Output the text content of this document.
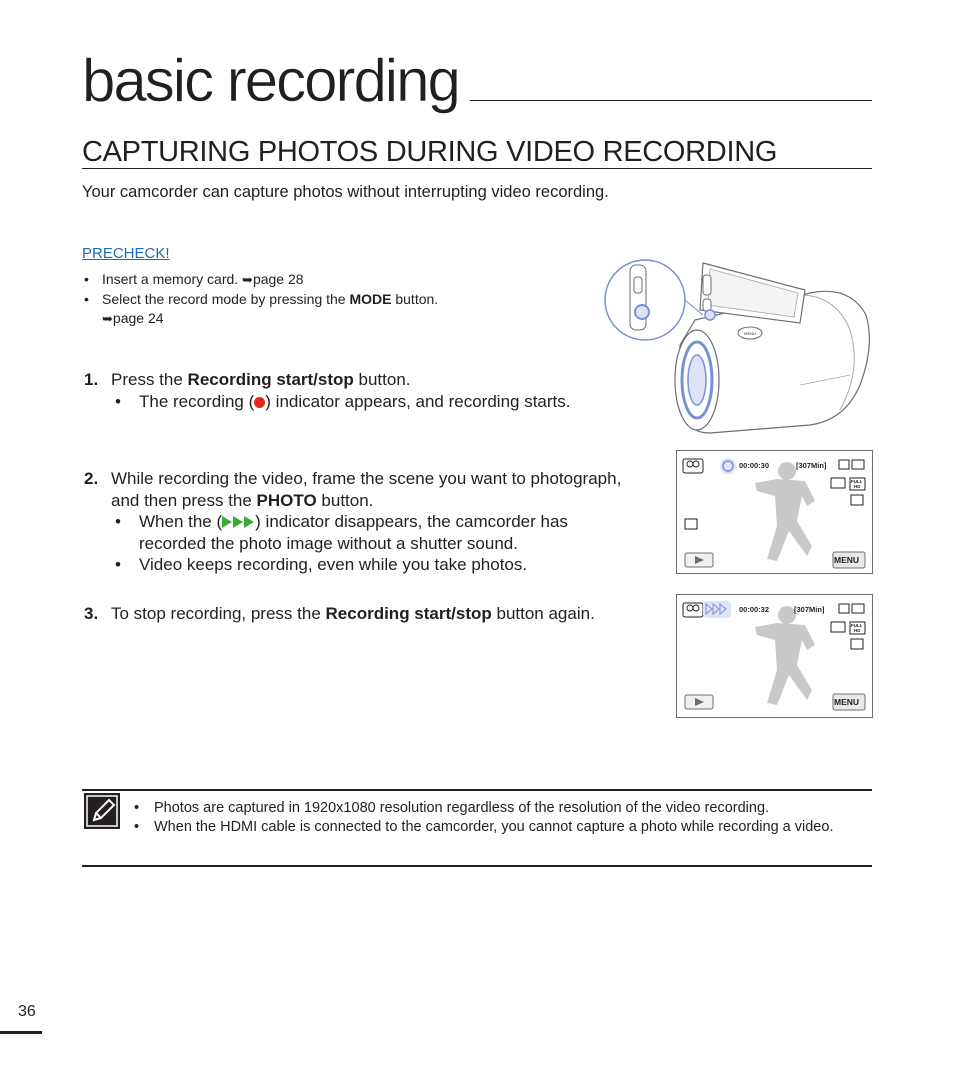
basic recording
CAPTURING PHOTOS DURING VIDEO RECORDING
Your camcorder can capture photos without interrupting video recording.
PRECHECK!
• Insert a memory card. ➥page 28
• Select the record mode by pressing the MODE button.
➥page 24
1. Press the Recording start/stop button.
• The recording ( ) indicator appears, and recording starts.
2. While recording the video, frame the scene you want to photograph, and then press the PHOTO button.
• When the ( ) indicator disappears, the camcorder has recorded the photo image without a shutter sound.
• Video keeps recording, even while you take photos.
3. To stop recording, press the Recording start/stop button again.
MENU
00:00:30	[307Min]
FULL
HD
MENU
00:00:32	[307Min]
FULL
HD
MENU
• Photos are captured in 1920x1080 resolution regardless of the resolution of the video recording.
• When the HDMI cable is connected to the camcorder, you cannot capture a photo while recording a video.
36
